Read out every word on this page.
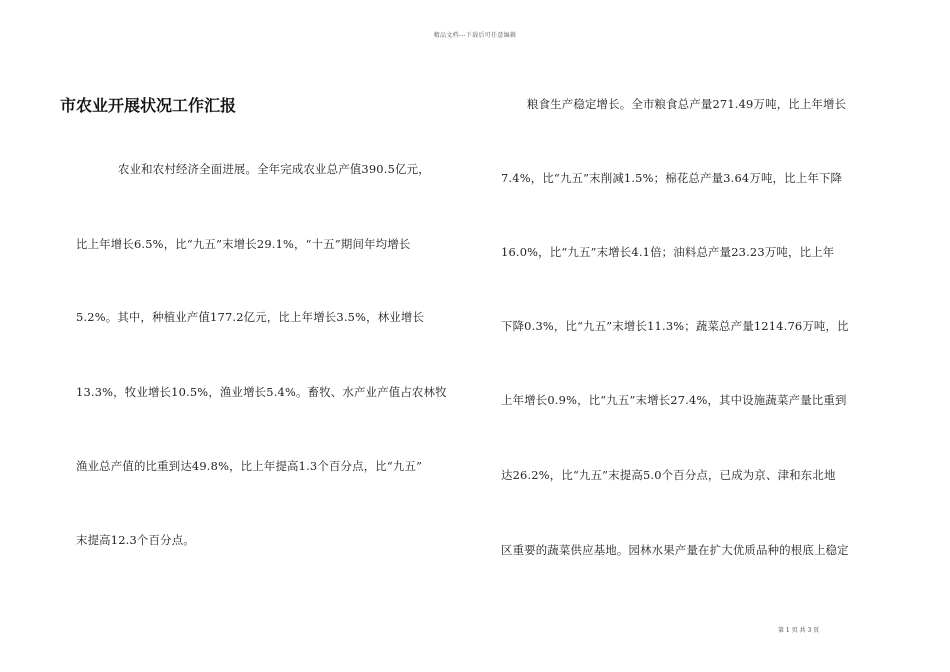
精品文档---下载后可任意编辑
市农业开展状况工作汇报
农业和农村经济全面进展。全年完成农业总产值390.5亿元，
比上年增长6.5%，比“九五”末增长29.1%，“十五”期间年均增长
5.2%。其中，种植业产值177.2亿元，比上年增长3.5%，林业增长
13.3%，牧业增长10.5%，渔业增长5.4%。畜牧、水产业产值占农林牧
渔业总产值的比重到达49.8%，比上年提高1.3个百分点，比“九五”
末提高12.3个百分点。
粮食生产稳定增长。全市粮食总产量271.49万吨，比上年增长
7.4%，比“九五”末削减1.5%；棉花总产量3.64万吨，比上年下降
16.0%，比“九五”末增长4.1倍；油料总产量23.23万吨，比上年
下降0.3%，比“九五”末增长11.3%；蔬菜总产量1214.76万吨，比
上年增长0.9%，比“九五”末增长27.4%，其中设施蔬菜产量比重到
达26.2%，比“九五”末提高5.0个百分点，已成为京、津和东北地
区重要的蔬菜供应基地。园林水果产量在扩大优质品种的根底上稳定
第 1 页 共 3 页
